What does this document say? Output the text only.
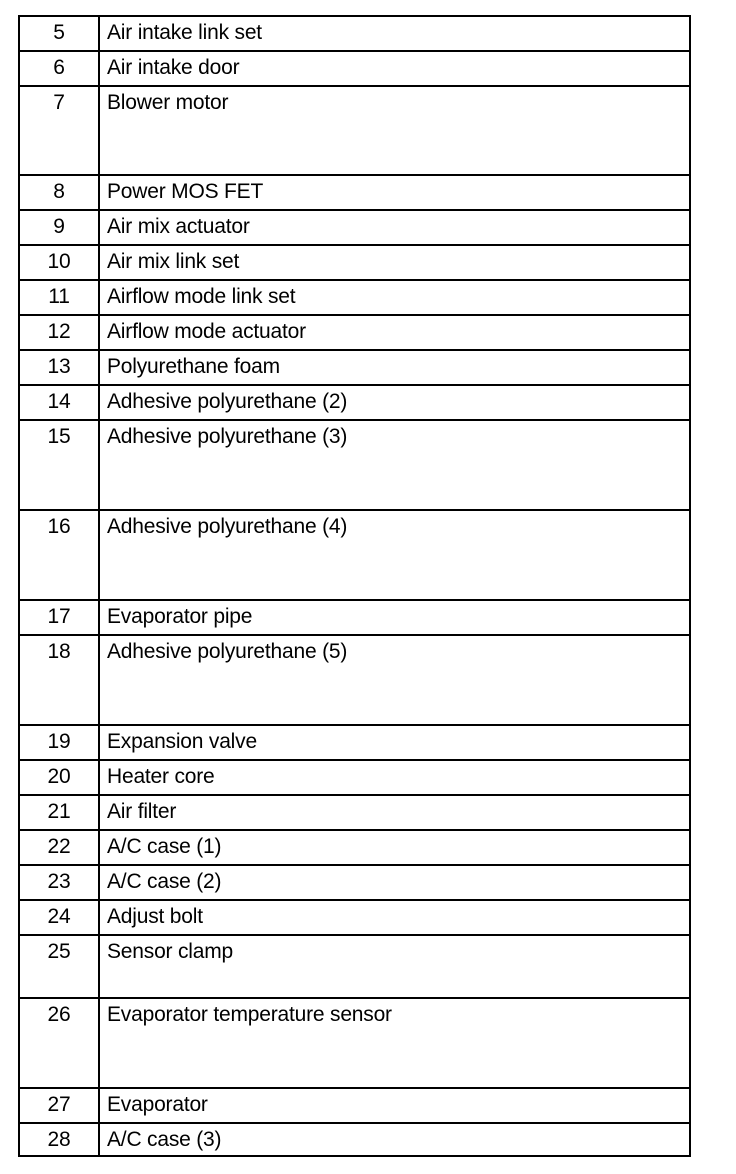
5	Air intake link set
6	Air intake door
7	Blower motor
8	Power MOS FET
9	Air mix actuator
10	Air mix link set
11	Airflow mode link set
12	Airflow mode actuator
13	Polyurethane foam
14	Adhesive polyurethane (2)
15	Adhesive polyurethane (3)
16	Adhesive polyurethane (4)
17	Evaporator pipe
18	Adhesive polyurethane (5)
19	Expansion valve
20	Heater core
21	Air filter
22	A/C case (1)
23	A/C case (2)
24	Adjust bolt
25	Sensor clamp
26	Evaporator temperature sensor
27	Evaporator
28	A/C case (3)
